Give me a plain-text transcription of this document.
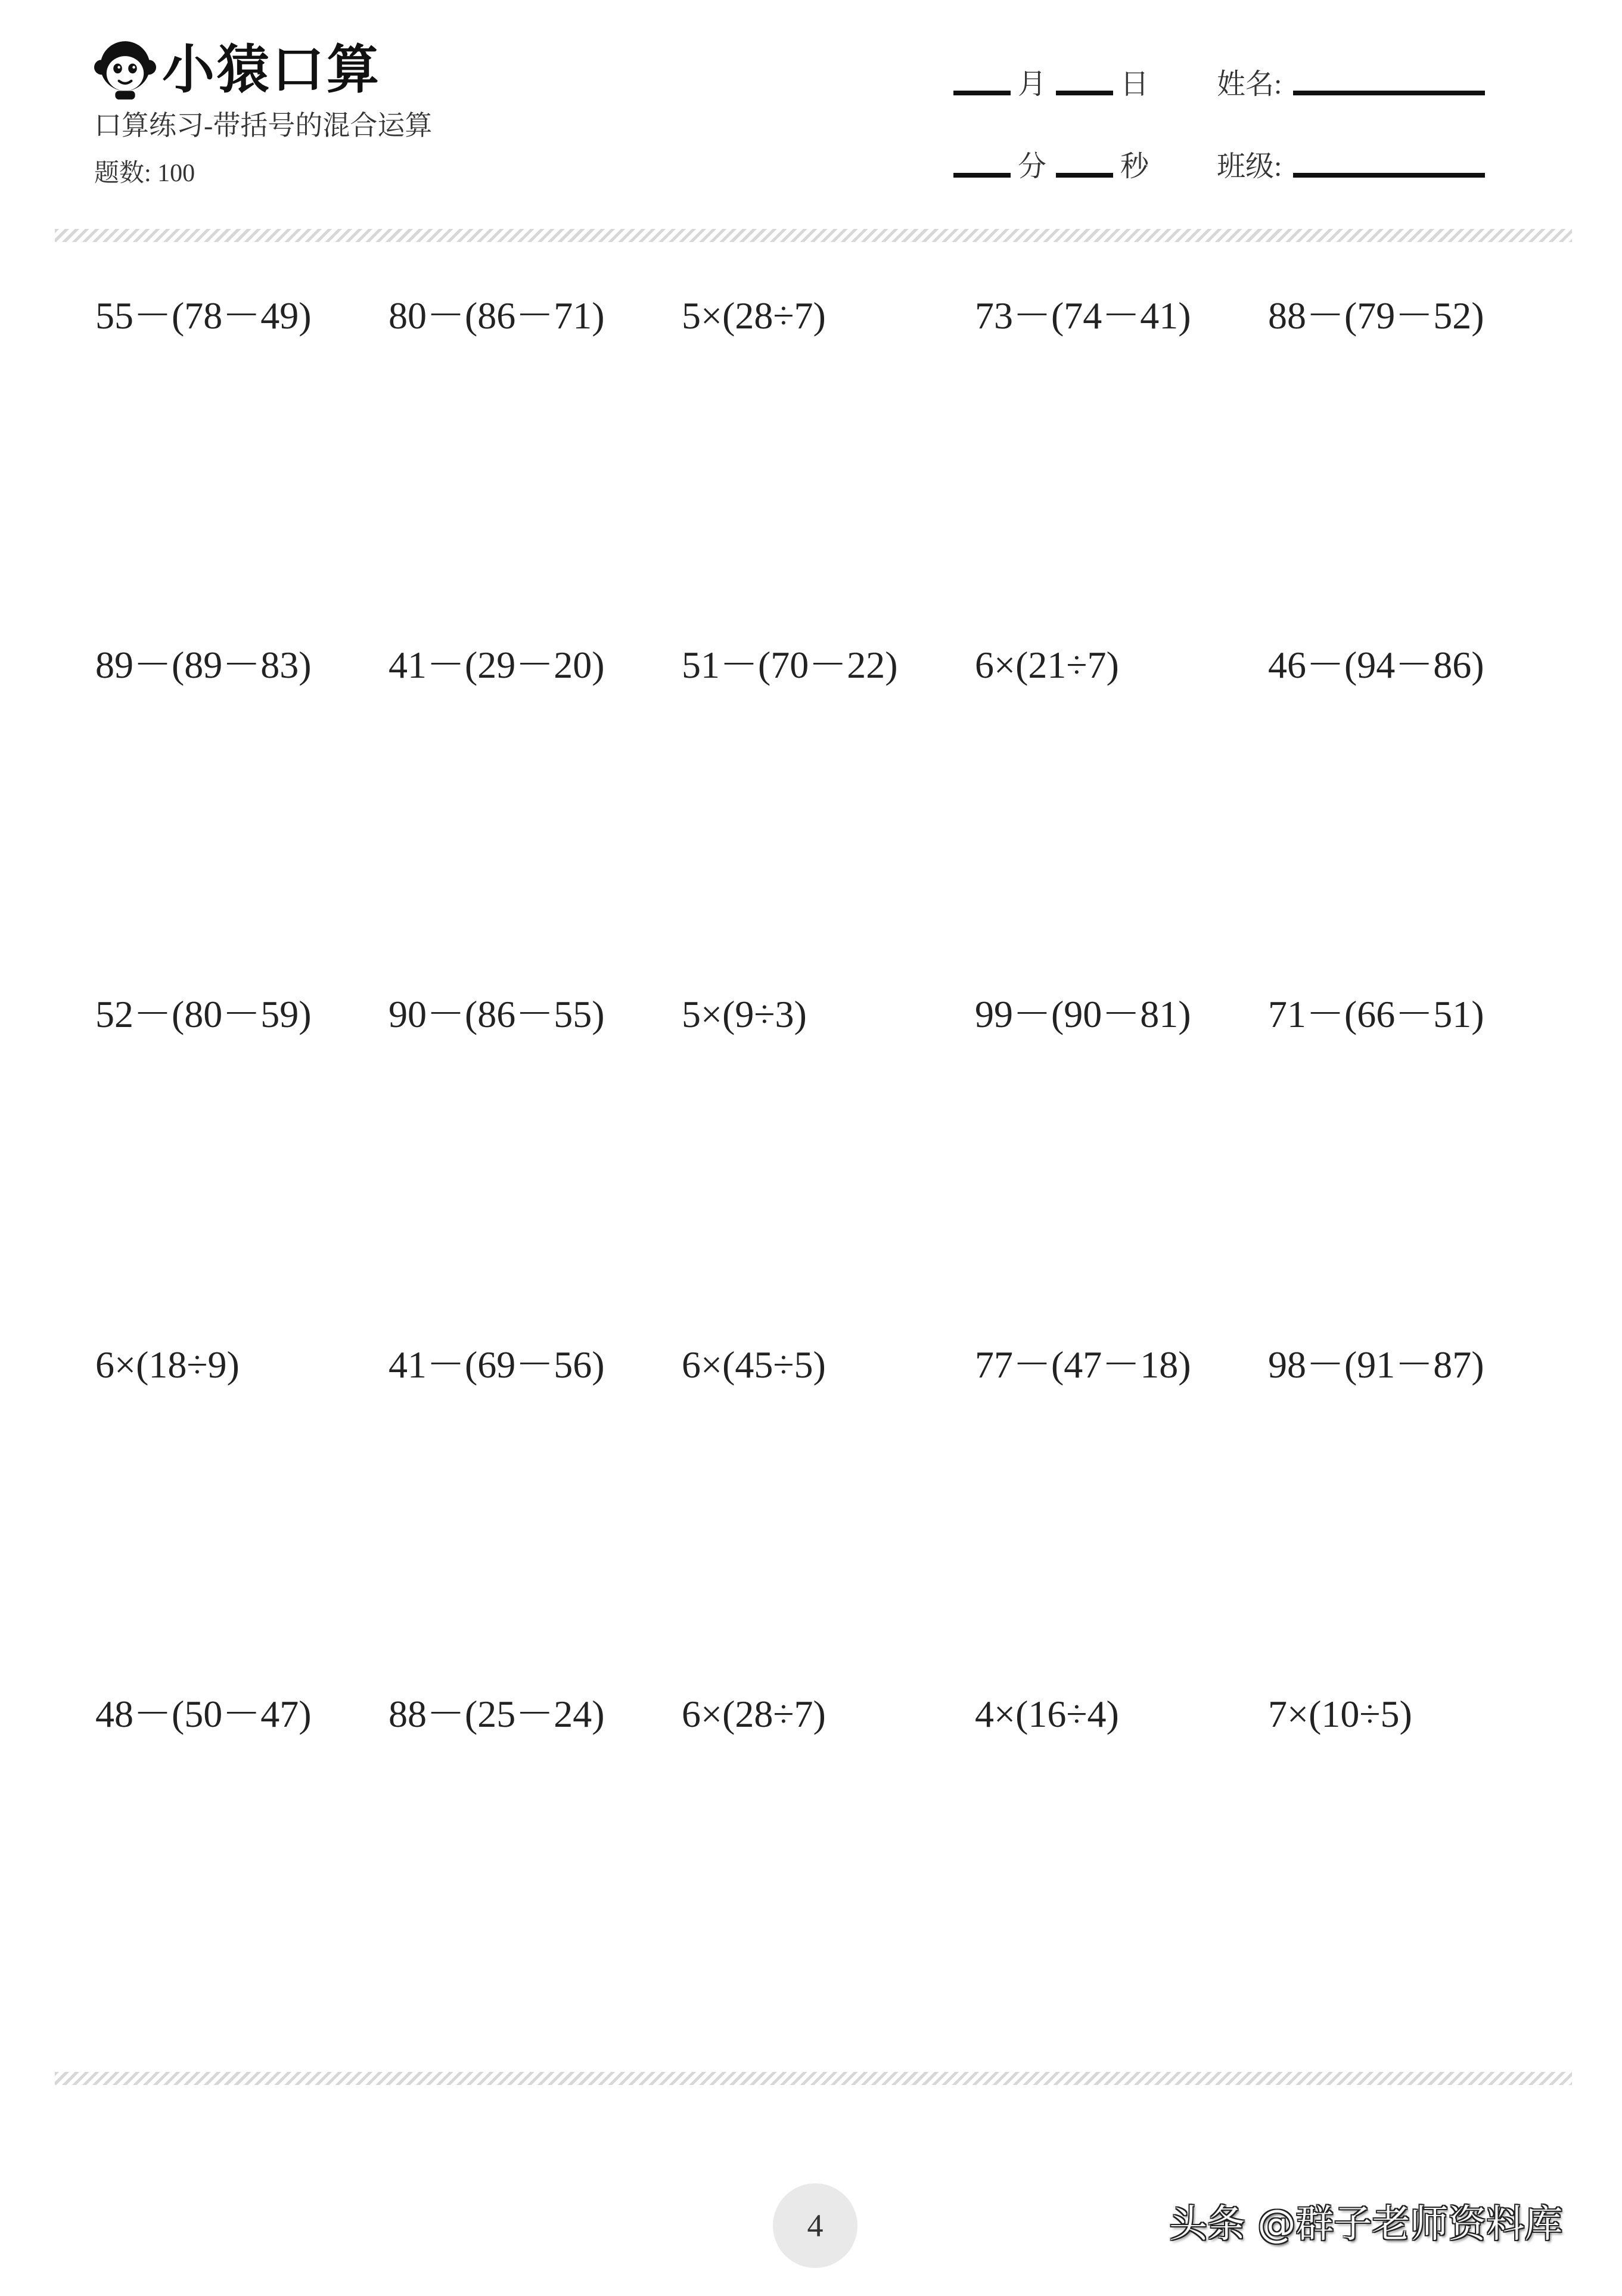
小猿口算
口算练习-带括号的混合运算
题数: 100
月	日 姓名:
分	秒 班级:
55－(78－49) 80－(86－71) 5×(28÷7)	73－(74－41) 88－(79－52)
89－(89－83) 41－(29－20) 51－(70－22) 6×(21÷7)	46－(94－86)
52－(80－59) 90－(86－55) 5×(9÷3)	99－(90－81) 71－(66－51)
6×(18÷9)	41－(69－56) 6×(45÷5)	77－(47－18) 98－(91－87)
48－(50－47) 88－(25－24) 6×(28÷7)	4×(16÷4)	7×(10÷5)
4	头条 @群子老师资料库
